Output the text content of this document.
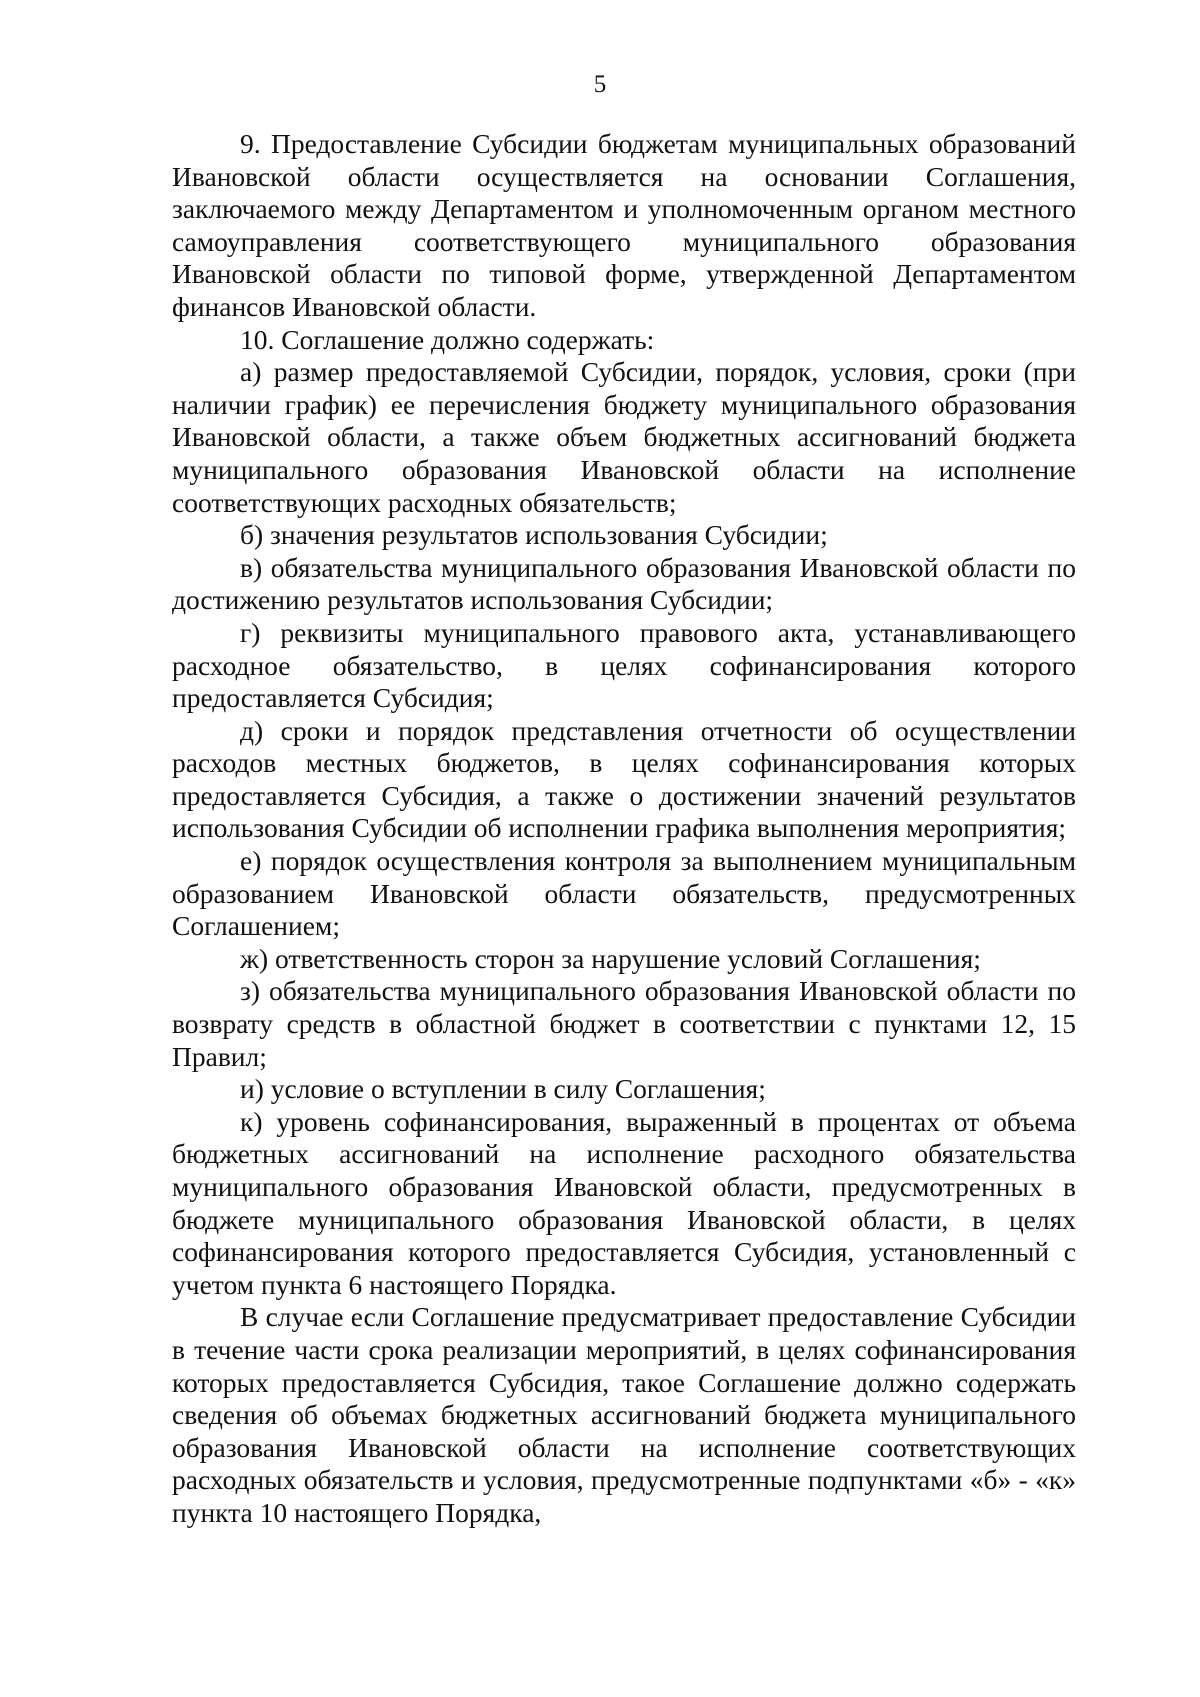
5

9. Предоставление Субсидии бюджетам муниципальных образований Ивановской области осуществляется на основании Соглашения, заключаемого между Департаментом и уполномоченным органом местного самоуправления соответствующего муниципального образования Ивановской области по типовой форме, утвержденной Департаментом финансов Ивановской области.

10. Соглашение должно содержать:

а) размер предоставляемой Субсидии, порядок, условия, сроки (при наличии график) ее перечисления бюджету муниципального образования Ивановской области, а также объем бюджетных ассигнований бюджета муниципального образования Ивановской области на исполнение соответствующих расходных обязательств;

б) значения результатов использования Субсидии;

в) обязательства муниципального образования Ивановской области по достижению результатов использования Субсидии;

г) реквизиты муниципального правового акта, устанавливающего расходное обязательство, в целях софинансирования которого предоставляется Субсидия;

д) сроки и порядок представления отчетности об осуществлении расходов местных бюджетов, в целях софинансирования которых предоставляется Субсидия, а также о достижении значений результатов использования Субсидии об исполнении графика выполнения мероприятия;

е) порядок осуществления контроля за выполнением муниципальным образованием Ивановской области обязательств, предусмотренных Соглашением;

ж) ответственность сторон за нарушение условий Соглашения;

з) обязательства муниципального образования Ивановской области по возврату средств в областной бюджет в соответствии с пунктами 12, 15 Правил;

и) условие о вступлении в силу Соглашения;

к) уровень софинансирования, выраженный в процентах от объема бюджетных ассигнований на исполнение расходного обязательства муниципального образования Ивановской области, предусмотренных в бюджете муниципального образования Ивановской области, в целях софинансирования которого предоставляется Субсидия, установленный с учетом пункта 6 настоящего Порядка.

В случае если Соглашение предусматривает предоставление Субсидии в течение части срока реализации мероприятий, в целях софинансирования которых предоставляется Субсидия, такое Соглашение должно содержать сведения об объемах бюджетных ассигнований бюджета муниципального образования Ивановской области на исполнение соответствующих расходных обязательств и условия, предусмотренные подпунктами «б» - «к» пункта 10 настоящего Порядка,
